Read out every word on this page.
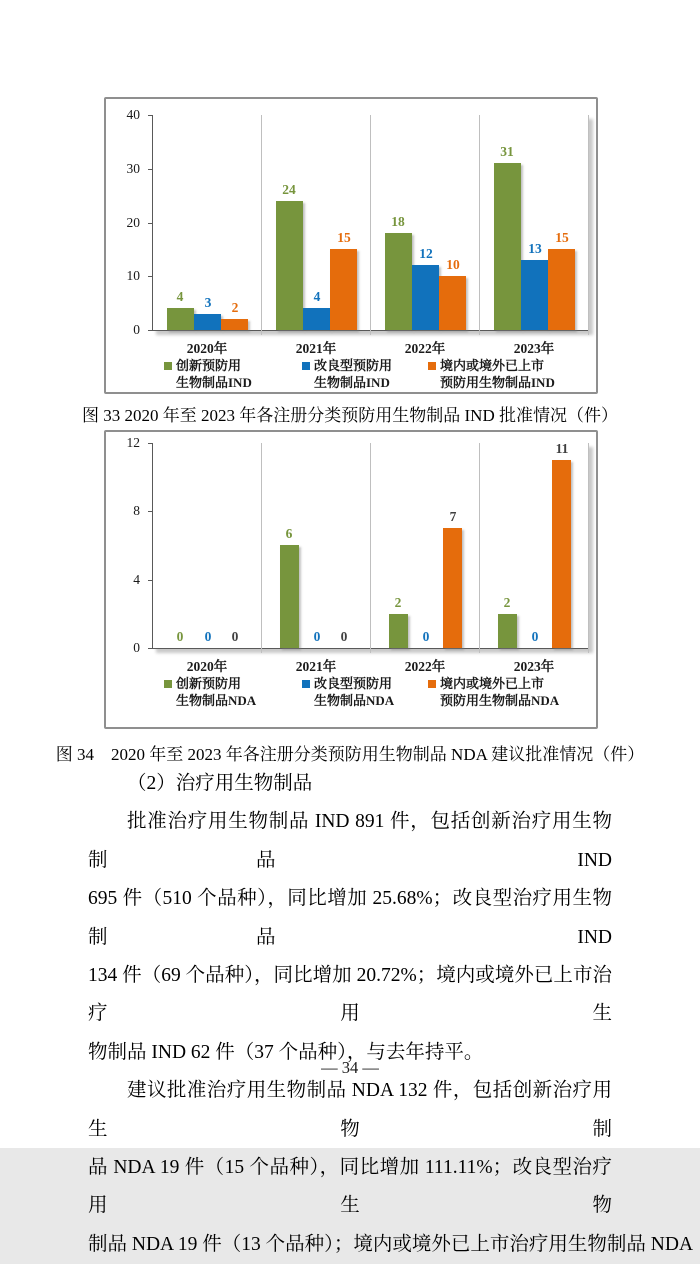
4	3	2
24
4
15
18
12
10
31
13
15
0
10
20
30
40
2020年	2021年	2022年	2023年
创新预防用
生物制品IND
改良型预防用
生物制品IND
境内或境外已上市
预防用生物制品IND
图 33 2020 年至 2023 年各注册分类预防用生物制品 IND 批准情况（件）
0	0	0
6
0	0
2
0
7
2
0
11
0
4
8
12
2020年	2021年	2022年	2023年
创新预防用
生物制品NDA
改良型预防用
生物制品NDA
境内或境外已上市
预防用生物制品NDA
图 34　2020 年至 2023 年各注册分类预防用生物制品 NDA 建议批准情况（件）
（2）治疗用生物制品
批准治疗用生物制品 IND 891 件，包括创新治疗用生物制品 IND
695 件（510 个品种），同比增加 25.68%；改良型治疗用生物制品 IND
134 件（69 个品种），同比增加 20.72%；境内或境外已上市治疗用生
物制品 IND 62 件（37 个品种），与去年持平。
建议批准治疗用生物制品 NDA 132 件，包括创新治疗用生物制
品 NDA 19 件（15 个品种），同比增加 111.11%；改良型治疗用生物
制品 NDA 19 件（13 个品种）；境内或境外已上市治疗用生物制品 NDA
— 34 —
